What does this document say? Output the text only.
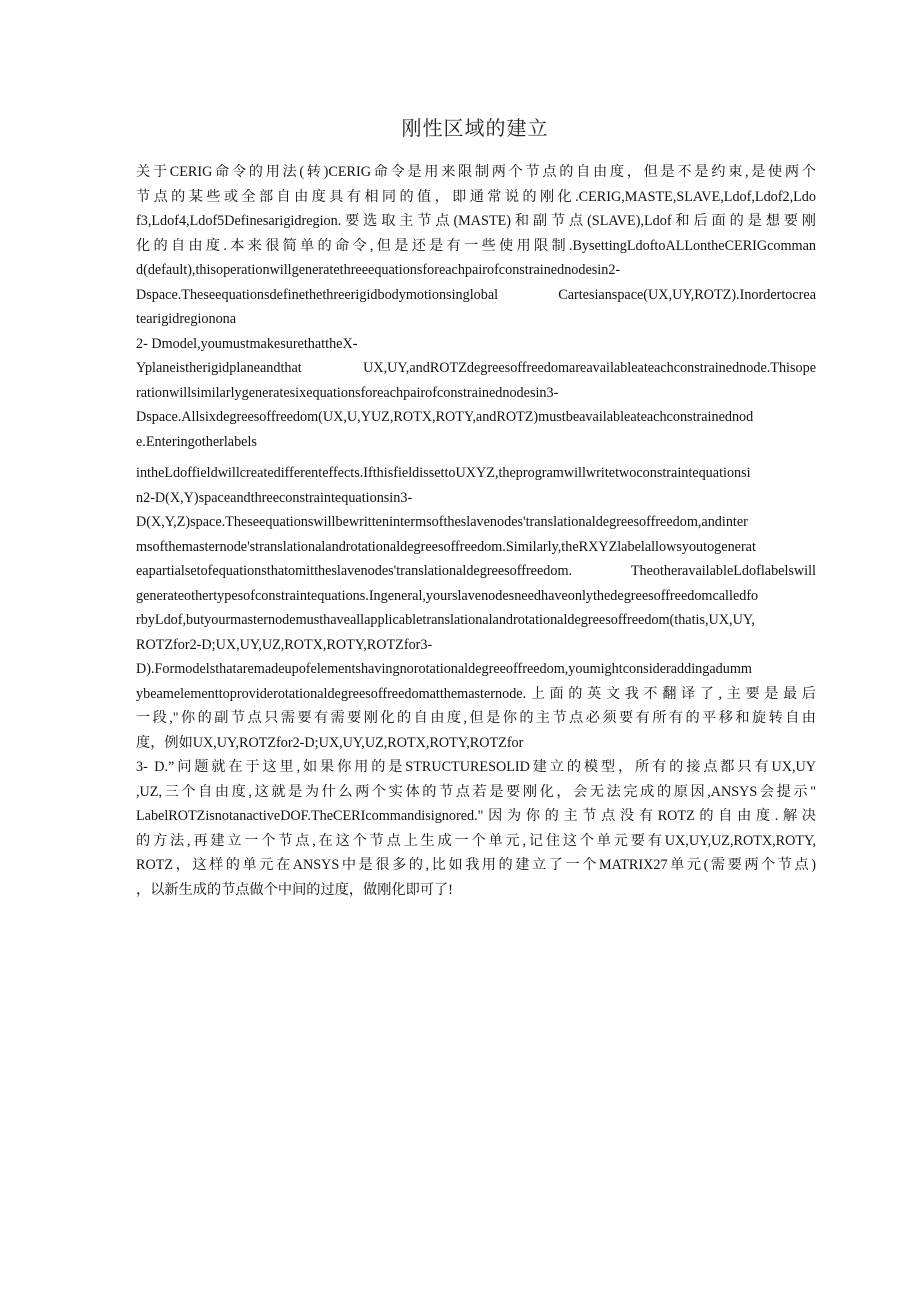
刚性区域的建立
关于CERIG命令的用法(转)CERIG命令是用来限制两个节点的自由度，但是不是约束,是使两个
节点的某些或全部自由度具有相同的值，即通常说的刚化.CERIG,MASTE,SLAVE,Ldof,Ldof2,Ldo
f3,Ldof4,Ldof5Definesarigidregion.要选取主节点(MASTE)和副节点(SLAVE),Ldof和后面的是想要刚
化的自由度.本来很简单的命令,但是还是有一些使用限制.BysettingLdoftoALLontheCERIGcomman
d(default),thisoperationwillgeneratethreeequationsforeachpairofconstrainednodesin2-
Dspace.Theseequationsdefinethethreerigidbodymotionsinglobal Cartesianspace(UX,UY,ROTZ).Inordertocrea
tearigidregionona
2- Dmodel,youmustmakesurethattheX-
Yplaneistherigidplaneandthat UX,UY,andROTZdegreesoffreedomareavailableateachconstrainednode.Thisope
rationwillsimilarlygeneratesixequationsforeachpairofconstrainednodesin3-
Dspace.Allsixdegreesoffreedom(UX,U,YUZ,ROTX,ROTY,andROTZ)mustbeavailableateachconstrainednod
e.Enteringotherlabels
intheLdoffieldwillcreatedifferenteffects.IfthisfieldissettoUXYZ,theprogramwillwritetwoconstraintequationsi
n2-D(X,Y)spaceandthreeconstraintequationsin3-
D(X,Y,Z)space.Theseequationswillbewrittenintermsoftheslavenodes'translationaldegreesoffreedom,andinter
msofthemasternode'stranslationalandrotationaldegreesoffreedom.Similarly,theRXYZlabelallowsyoutogenerat
eapartialsetofequationsthatomittheslavenodes'translationaldegreesoffreedom. TheotheravailableLdoflabelswill
generateothertypesofconstraintequations.Ingeneral,yourslavenodesneedhaveonlythedegreesoffreedomcalledfo
rbyLdof,butyourmasternodemusthaveallapplicabletranslationalandrotationaldegreesoffreedom(thatis,UX,UY,
ROTZfor2-D;UX,UY,UZ,ROTX,ROTY,ROTZfor3-
D).Formodelsthataremadeupofelementshavingnorotationaldegreeoffreedom,youmightconsideraddingadumm
ybeamelementtoproviderotationaldegreesoffreedomatthemasternode.上面的英文我不翻译了,主要是最后
一段,"你的副节点只需要有需要刚化的自由度,但是你的主节点必须要有所有的平移和旋转自由
度，例如UX,UY,ROTZfor2-D;UX,UY,UZ,ROTX,ROTY,ROTZfor
3- D.”问题就在于这里,如果你用的是STRUCTURESOLID建立的模型，所有的接点都只有UX,UY
,UZ,三个自由度,这就是为什么两个实体的节点若是要刚化，会无法完成的原因,ANSYS会提示"
LabelROTZisnotanactiveDOF.TheCERIcommandisignored."因为你的主节点没有ROTZ的自由度.解决
的方法,再建立一个节点,在这个节点上生成一个单元,记住这个单元要有UX,UY,UZ,ROTX,ROTY,
ROTZ，这样的单元在ANSYS中是很多的,比如我用的建立了一个MATRIX27单元(需要两个节点)
，以新生成的节点做个中间的过度，做刚化即可了!
